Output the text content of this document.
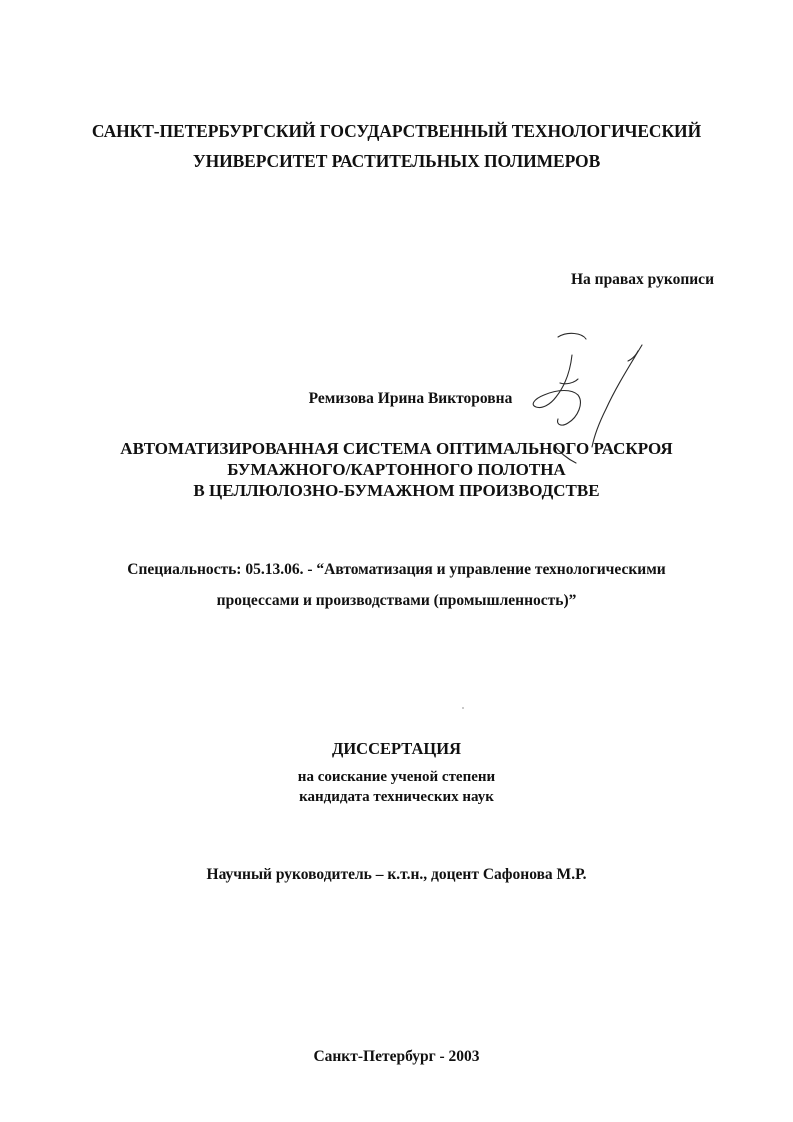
САНКТ-ПЕТЕРБУРГСКИЙ ГОСУДАРСТВЕННЫЙ ТЕХНОЛОГИЧЕСКИЙ
УНИВЕРСИТЕТ РАСТИТЕЛЬНЫХ ПОЛИМЕРОВ
На правах рукописи
Ремизова Ирина Викторовна
АВТОМАТИЗИРОВАННАЯ СИСТЕМА ОПТИМАЛЬНОГО РАСКРОЯ
БУМАЖНОГО/КАРТОННОГО ПОЛОТНА
В ЦЕЛЛЮЛОЗНО-БУМАЖНОМ ПРОИЗВОДСТВЕ
Специальность: 05.13.06. - “Автоматизация и управление технологическими
процессами и производствами (промышленность)”
ДИССЕРТАЦИЯ
на соискание ученой степени
кандидата технических наук
Научный руководитель – к.т.н., доцент Сафонова М.Р.
Санкт-Петербург - 2003
